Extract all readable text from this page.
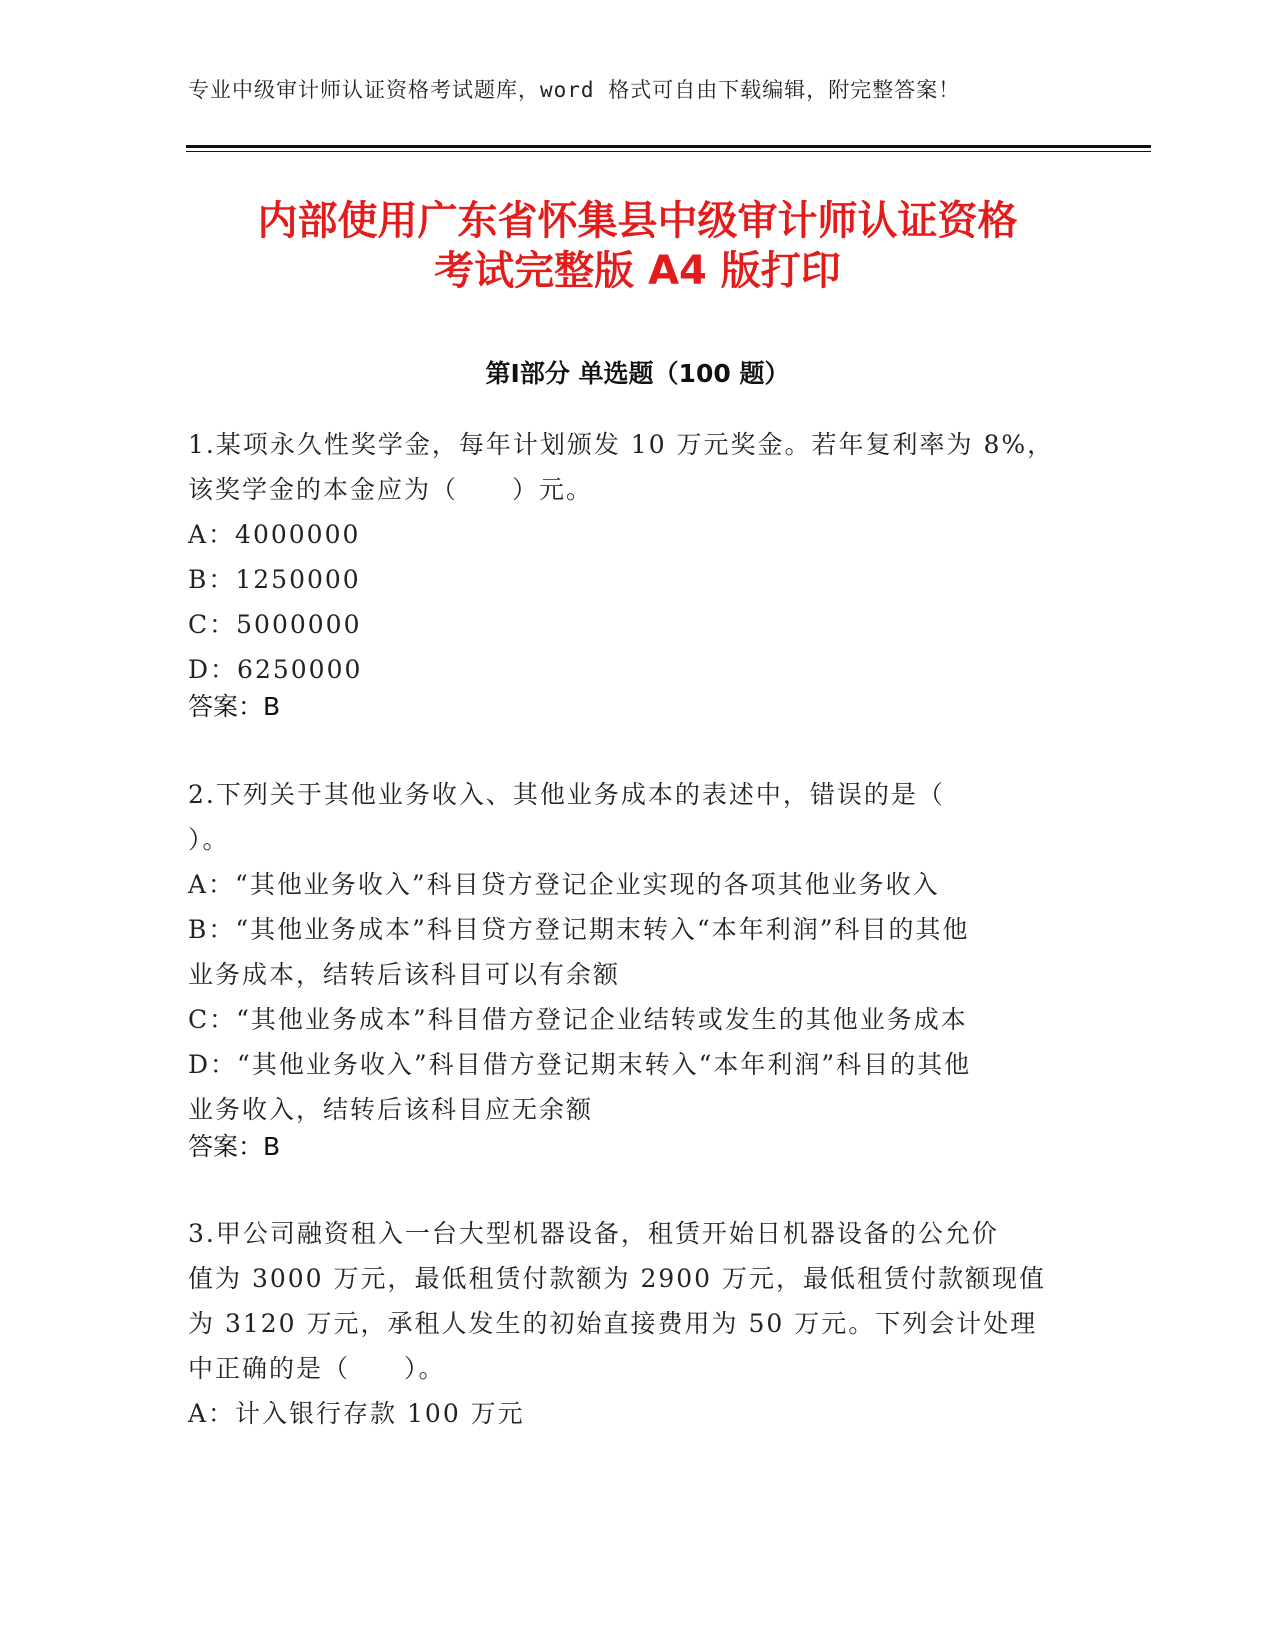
专业中级审计师认证资格考试题库，word 格式可自由下载编辑，附完整答案！
内部使用广东省怀集县中级审计师认证资格
考试完整版 A4 版打印
第Ⅰ部分 单选题（100 题）
1.某项永久性奖学金，每年计划颁发 10 万元奖金。若年复利率为 8%，
该奖学金的本金应为（　　）元。
A：4000000
B：1250000
C：5000000
D：6250000
答案：B
2.下列关于其他业务收入、其他业务成本的表述中，错误的是（
）。
A：“其他业务收入”科目贷方登记企业实现的各项其他业务收入
B：“其他业务成本”科目贷方登记期末转入“本年利润”科目的其他
业务成本，结转后该科目可以有余额
C：“其他业务成本”科目借方登记企业结转或发生的其他业务成本
D：“其他业务收入”科目借方登记期末转入“本年利润”科目的其他
业务收入，结转后该科目应无余额
答案：B
3.甲公司融资租入一台大型机器设备，租赁开始日机器设备的公允价
值为 3000 万元，最低租赁付款额为 2900 万元，最低租赁付款额现值
为 3120 万元，承租人发生的初始直接费用为 50 万元。下列会计处理
中正确的是（　　）。
A：计入银行存款 100 万元
